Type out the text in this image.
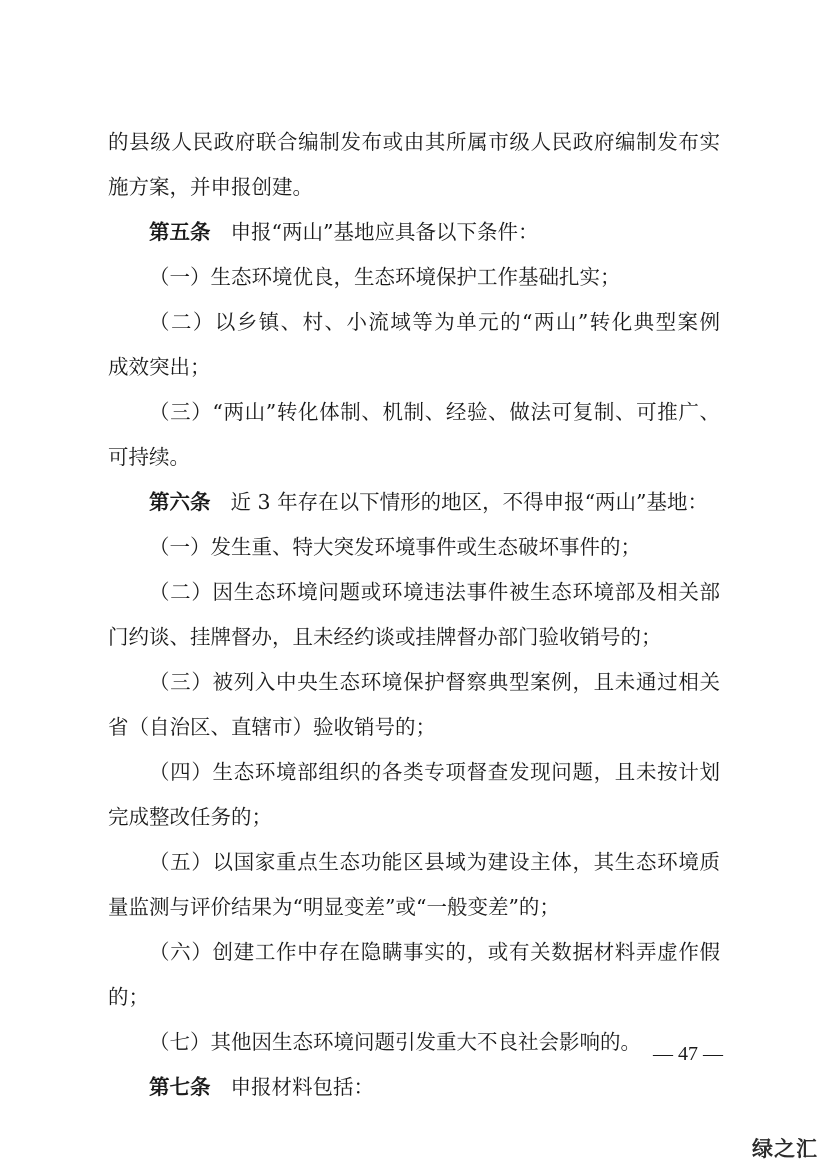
的县级人民政府联合编制发布或由其所属市级人民政府编制发布实
施方案，并申报创建。
第五条 申报“两山”基地应具备以下条件：
（一）生态环境优良，生态环境保护工作基础扎实；
（二）以乡镇、村、小流域等为单元的“两山”转化典型案例
成效突出；
（三）“两山”转化体制、机制、经验、做法可复制、可推广、
可持续。
第六条 近 3 年存在以下情形的地区，不得申报“两山”基地：
（一）发生重、特大突发环境事件或生态破坏事件的；
（二）因生态环境问题或环境违法事件被生态环境部及相关部
门约谈、挂牌督办，且未经约谈或挂牌督办部门验收销号的；
（三）被列入中央生态环境保护督察典型案例，且未通过相关
省（自治区、直辖市）验收销号的；
（四）生态环境部组织的各类专项督查发现问题，且未按计划
完成整改任务的；
（五）以国家重点生态功能区县域为建设主体，其生态环境质
量监测与评价结果为“明显变差”或“一般变差”的；
（六）创建工作中存在隐瞒事实的，或有关数据材料弄虚作假
的；
（七）其他因生态环境问题引发重大不良社会影响的。
第七条 申报材料包括：
— 47 —
绿之汇
